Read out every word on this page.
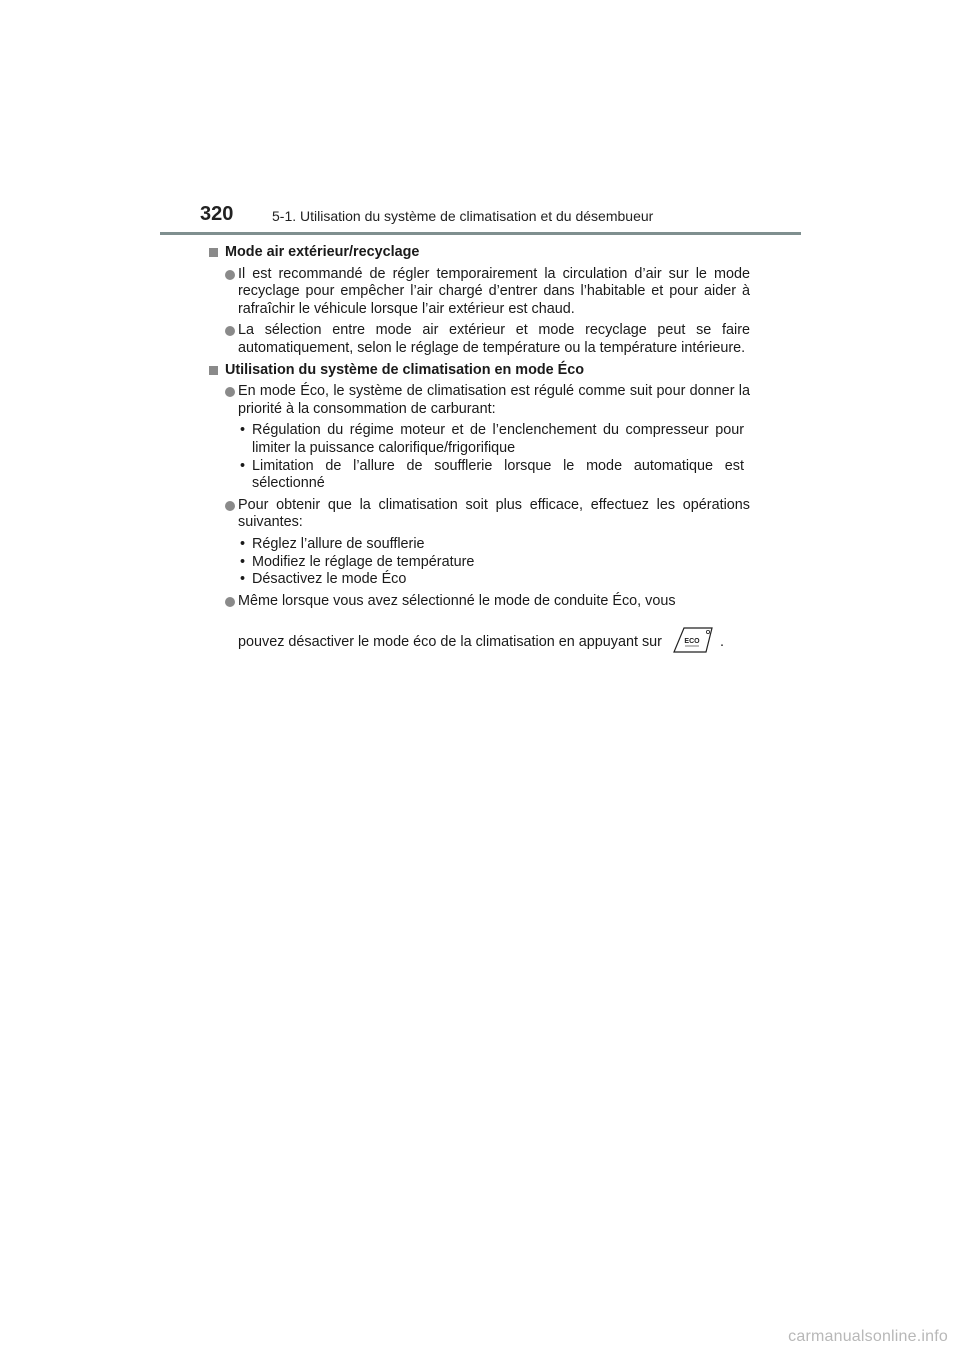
320	5-1. Utilisation du système de climatisation et du désembueur
Mode air extérieur/recyclage
Il est recommandé de régler temporairement la circulation d’air sur le mode recyclage pour empêcher l’air chargé d’entrer dans l’habitable et pour aider à rafraîchir le véhicule lorsque l’air extérieur est chaud.
La sélection entre mode air extérieur et mode recyclage peut se faire automatiquement, selon le réglage de température ou la température intérieure.
Utilisation du système de climatisation en mode Éco
En mode Éco, le système de climatisation est régulé comme suit pour donner la priorité à la consommation de carburant:
• Régulation du régime moteur et de l’enclenchement du compresseur pour limiter la puissance calorifique/frigorifique
• Limitation de l’allure de soufflerie lorsque le mode automatique est sélectionné
Pour obtenir que la climatisation soit plus efficace, effectuez les opérations suivantes:
• Réglez l’allure de soufflerie
• Modifiez le réglage de température
• Désactivez le mode Éco
Même lorsque vous avez sélectionné le mode de conduite Éco, vous
pouvez désactiver le mode éco de la climatisation en appuyant sur	ECO .
carmanualsonline.info
